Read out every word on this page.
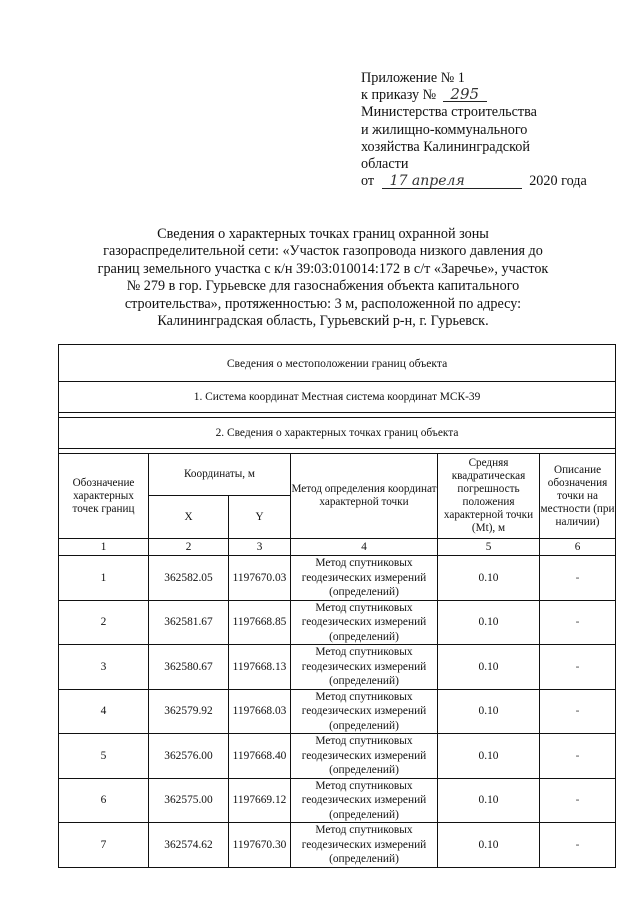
Приложение № 1
к приказу № 295
Министерства строительства
и жилищно-коммунального
хозяйства Калининградской
области
от 17 апреля	2020 года
Сведения о характерных точках границ охранной зоны
газораспределительной сети: «Участок газопровода низкого давления до
границ земельного участка с к/н 39:03:010014:172 в с/т «Заречье», участок
№ 279 в гор. Гурьевске для газоснабжения объекта капитального
строительства», протяженностью: 3 м, расположенной по адресу:
Калининградская область, Гурьевский р-н, г. Гурьевск.
Сведения о местоположении границ объекта					
1. Система координат Местная система координат МСК-39					

2. Сведения о характерных точках границ объекта					

Обозначение характерных точек границ	Координаты, м		Метод определения координат характерной точки	Средняя квадратическая погрешность положения характерной точки (Mt), м	Описание обозначения точки на местности (при наличии)
	X	Y			
1	2	3	4	5	6
1	362582.05	1197670.03	Метод спутниковых геодезических измерений (определений)	0.10	-
2	362581.67	1197668.85	Метод спутниковых геодезических измерений (определений)	0.10	-
3	362580.67	1197668.13	Метод спутниковых геодезических измерений (определений)	0.10	-
4	362579.92	1197668.03	Метод спутниковых геодезических измерений (определений)	0.10	-
5	362576.00	1197668.40	Метод спутниковых геодезических измерений (определений)	0.10	-
6	362575.00	1197669.12	Метод спутниковых геодезических измерений (определений)	0.10	-
7	362574.62	1197670.30	Метод спутниковых геодезических измерений (определений)	0.10	-
